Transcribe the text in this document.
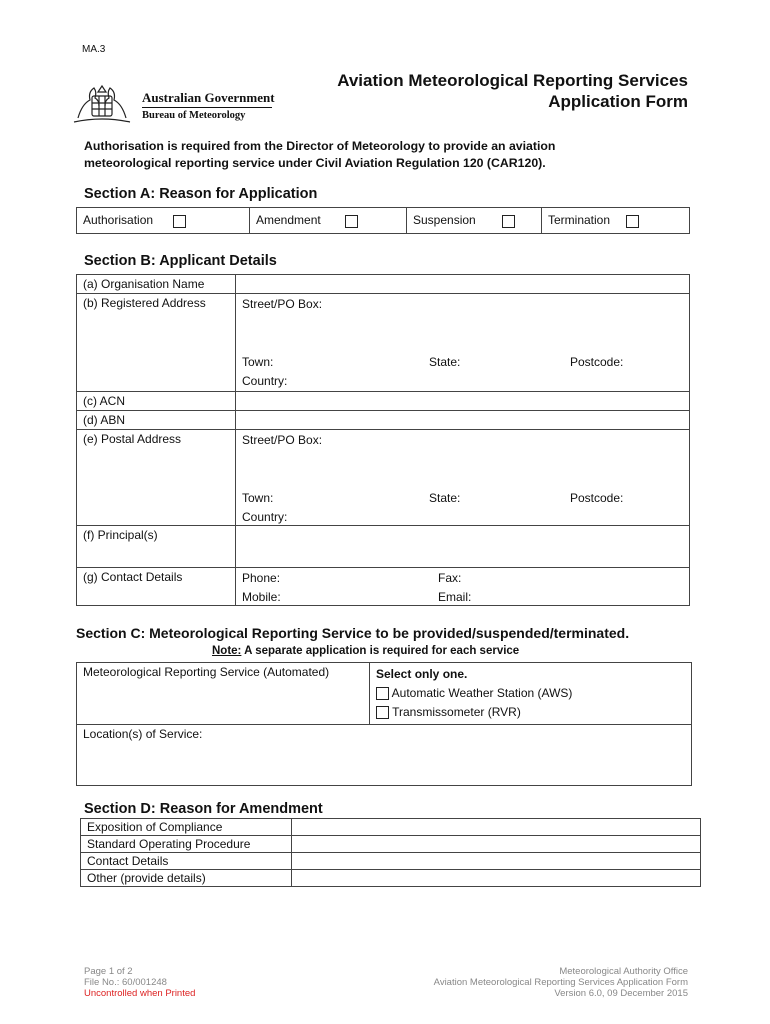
MA.3
Australian Government
Bureau of Meteorology
Aviation Meteorological Reporting Services
Application Form
Authorisation is required from the Director of Meteorology to provide an aviation
meteorological reporting service under Civil Aviation Regulation 120 (CAR120).
Section A: Reason for Application
Authorisation	Amendment	Suspension	Termination
Section B: Applicant Details
(a) Organisation Name	
(b) Registered Address	Street/PO Box:
Town: State: Postcode:
Country:

(c) ACN	
(d) ABN	
(e) Postal Address	Street/PO Box:
Town: State: Postcode:
Country:

(f) Principal(s)	
(g) Contact Details	Phone: Fax:
Mobile: Email:
Section C: Meteorological Reporting Service to be provided/suspended/terminated.
Note: A separate application is required for each service
Meteorological Reporting Service (Automated)	Select only one.
Automatic Weather Station (AWS)
Transmissometer (RVR)

Location(s) of Service:
Section D: Reason for Amendment
Exposition of Compliance	
Standard Operating Procedure	
Contact Details	
Other (provide details)	
Page 1 of 2
File No.: 60/001248
Uncontrolled when Printed
Meteorological Authority Office
Aviation Meteorological Reporting Services Application Form
Version 6.0, 09 December 2015
